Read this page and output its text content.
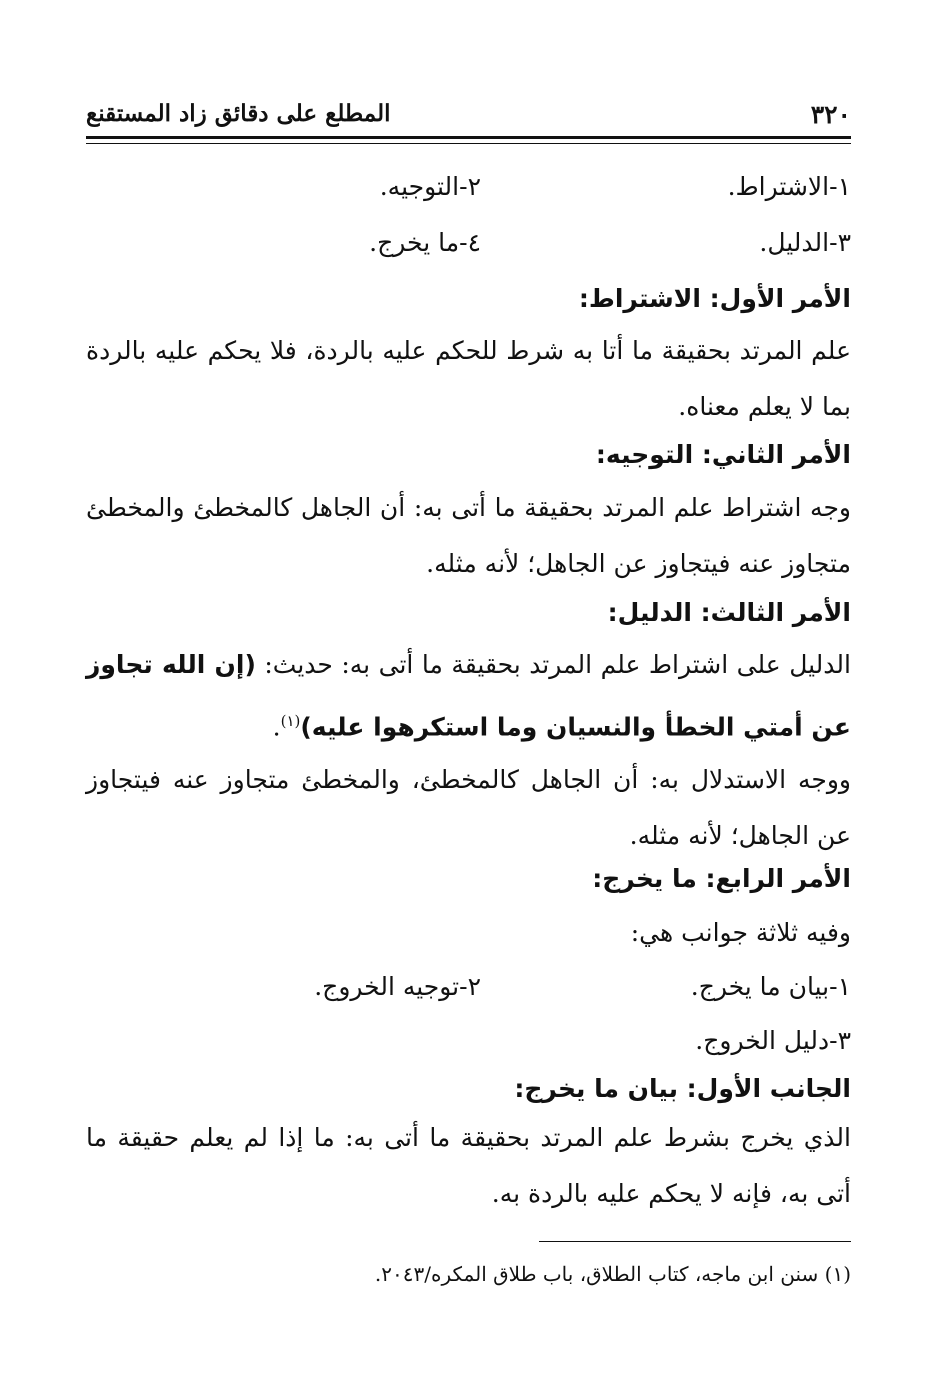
٣٢٠
المطلع على دقائق زاد المستقنع
١-الاشتراط.
٢-التوجيه.
٣-الدليل.
٤-ما يخرج.
الأمر الأول: الاشتراط:
علم المرتد بحقيقة ما أتا به شرط للحكم عليه بالردة، فلا يحكم عليه بالردة بما لا يعلم معناه.
الأمر الثاني: التوجيه:
وجه اشتراط علم المرتد بحقيقة ما أتى به: أن الجاهل كالمخطئ والمخطئ متجاوز عنه فيتجاوز عن الجاهل؛ لأنه مثله.
الأمر الثالث: الدليل:
الدليل على اشتراط علم المرتد بحقيقة ما أتى به: حديث: (إن الله تجاوز عن أمتي الخطأ والنسيان وما استكرهوا عليه)$^{(١)}$.
ووجه الاستدلال به: أن الجاهل كالمخطئ، والمخطئ متجاوز عنه فيتجاوز عن الجاهل؛ لأنه مثله.
الأمر الرابع: ما يخرج:
وفيه ثلاثة جوانب هي:
١-بيان ما يخرج.
٢-توجيه الخروج.
٣-دليل الخروج.
الجانب الأول: بيان ما يخرج:
الذي يخرج بشرط علم المرتد بحقيقة ما أتى به: ما إذا لم يعلم حقيقة ما أتى به، فإنه لا يحكم عليه بالردة به.
(١) سنن ابن ماجه، كتاب الطلاق، باب طلاق المكره/٢٠٤٣.
